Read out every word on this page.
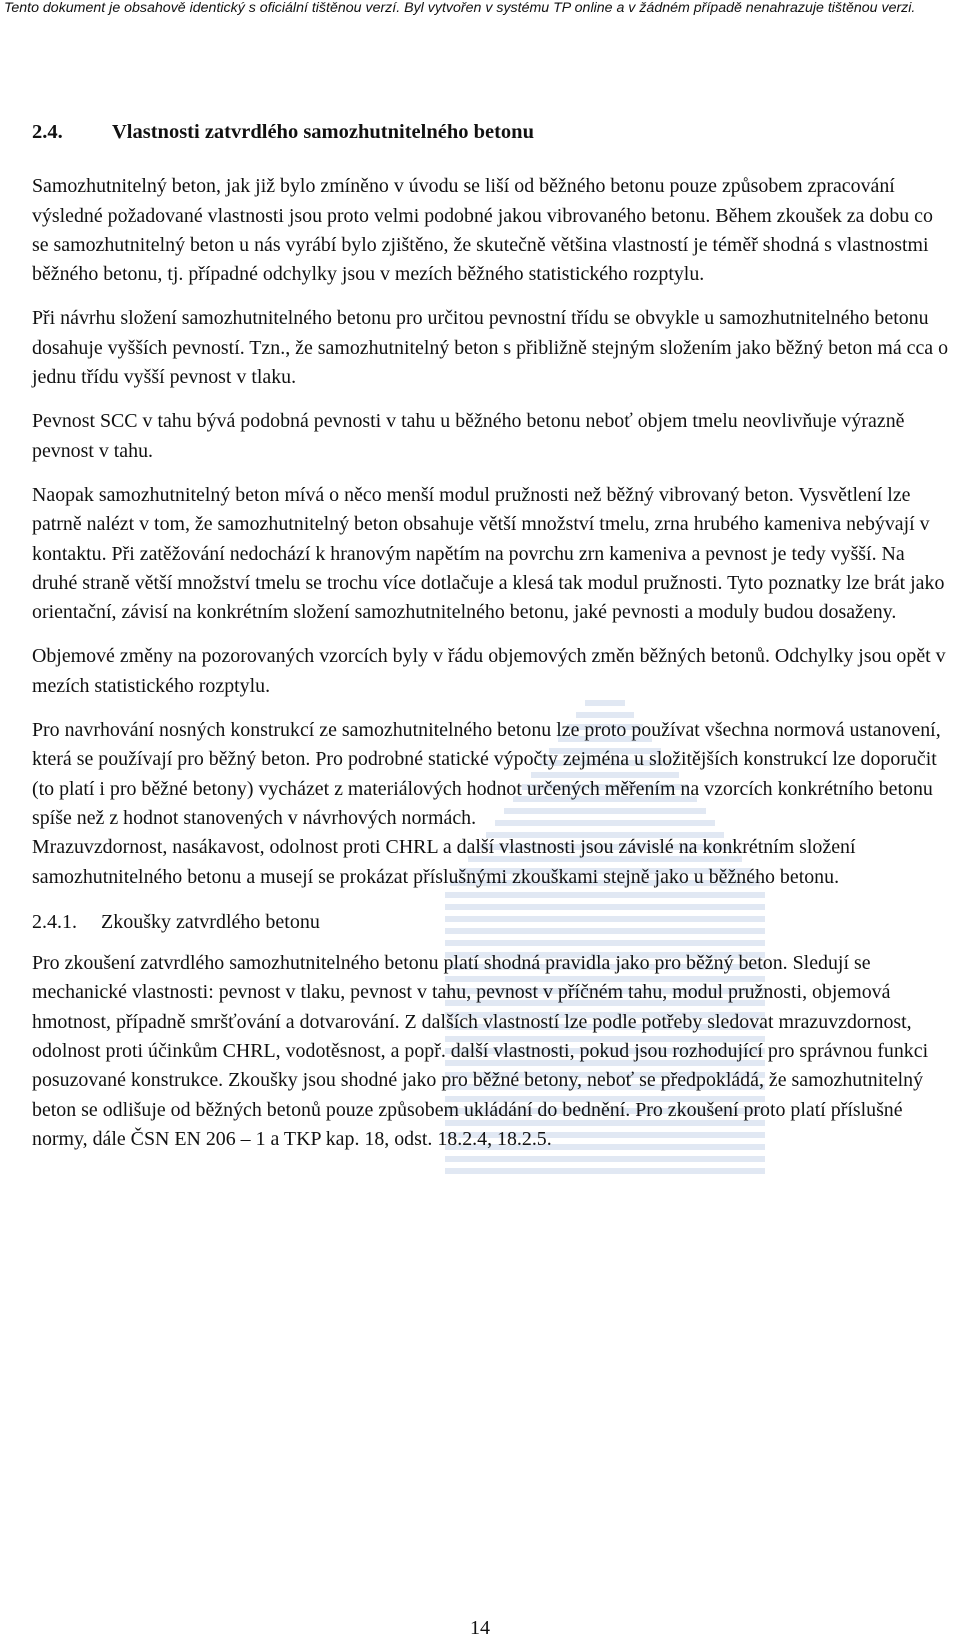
Tento dokument je obsahově identický s oficiální tištěnou verzí. Byl vytvořen v systému TP online a v žádném případě nenahrazuje tištěnou verzi.
2.4.	Vlastnosti zatvrdlého samozhutnitelného betonu

Samozhutnitelný beton, jak již bylo zmíněno v úvodu se liší od běžného betonu pouze způsobem zpracování výsledné požadované vlastnosti jsou proto velmi podobné jakou vibrovaného betonu. Během zkoušek za dobu co se samozhutnitelný beton u nás vyrábí bylo zjištěno, že skutečně většina vlastností je téměř shodná s vlastnostmi běžného betonu, tj. případné odchylky jsou v mezích běžného statistického rozptylu.

Při návrhu složení samozhutnitelného betonu pro určitou pevnostní třídu se obvykle u samozhutnitelného betonu dosahuje vyšších pevností. Tzn., že samozhutnitelný beton s přibližně stejným složením jako běžný beton má cca o jednu třídu vyšší pevnost v tlaku.

Pevnost SCC v tahu bývá podobná pevnosti v tahu u běžného betonu neboť objem tmelu neovlivňuje výrazně pevnost v tahu.

Naopak samozhutnitelný beton mívá o něco menší modul pružnosti než běžný vibrovaný beton. Vysvětlení lze patrně nalézt v tom, že samozhutnitelný beton obsahuje větší množství tmelu, zrna hrubého kameniva nebývají v kontaktu. Při zatěžování nedochází k hranovým napětím na povrchu zrn kameniva a pevnost je tedy vyšší. Na druhé straně větší množství tmelu se trochu více dotlačuje a klesá tak modul pružnosti. Tyto poznatky lze brát jako orientační, závisí na konkrétním složení samozhutnitelného betonu, jaké pevnosti a moduly budou dosaženy.

Objemové změny na pozorovaných vzorcích byly v řádu objemových změn běžných betonů. Odchylky jsou opět v mezích statistického rozptylu.

Pro navrhování nosných konstrukcí ze samozhutnitelného betonu lze proto používat všechna normová ustanovení, která se používají pro běžný beton. Pro podrobné statické výpočty zejména u složitějších konstrukcí lze doporučit (to platí i pro běžné betony) vycházet z materiálových hodnot určených měřením na vzorcích konkrétního betonu spíše než z hodnot stanovených v návrhových normách.

Mrazuvzdornost, nasákavost, odolnost proti CHRL a další vlastnosti jsou závislé na konkrétním složení samozhutnitelného betonu a musejí se prokázat příslušnými zkouškami stejně jako u běžného betonu.

2.4.1.	Zkoušky zatvrdlého betonu

Pro zkoušení zatvrdlého samozhutnitelného betonu platí shodná pravidla jako pro běžný beton. Sledují se mechanické vlastnosti: pevnost v tlaku, pevnost v tahu, pevnost v příčném tahu, modul pružnosti, objemová hmotnost, případně smršťování a dotvarování. Z dalších vlastností lze podle potřeby sledovat mrazuvzdornost, odolnost proti účinkům CHRL, vodotěsnost, a popř. další vlastnosti, pokud jsou rozhodující pro správnou funkci posuzované konstrukce. Zkoušky jsou shodné jako pro běžné betony, neboť se předpokládá, že samozhutnitelný beton se odlišuje od běžných betonů pouze způsobem ukládání do bednění. Pro zkoušení proto platí příslušné normy, dále ČSN EN 206 – 1 a TKP kap. 18, odst. 18.2.4, 18.2.5.

14
